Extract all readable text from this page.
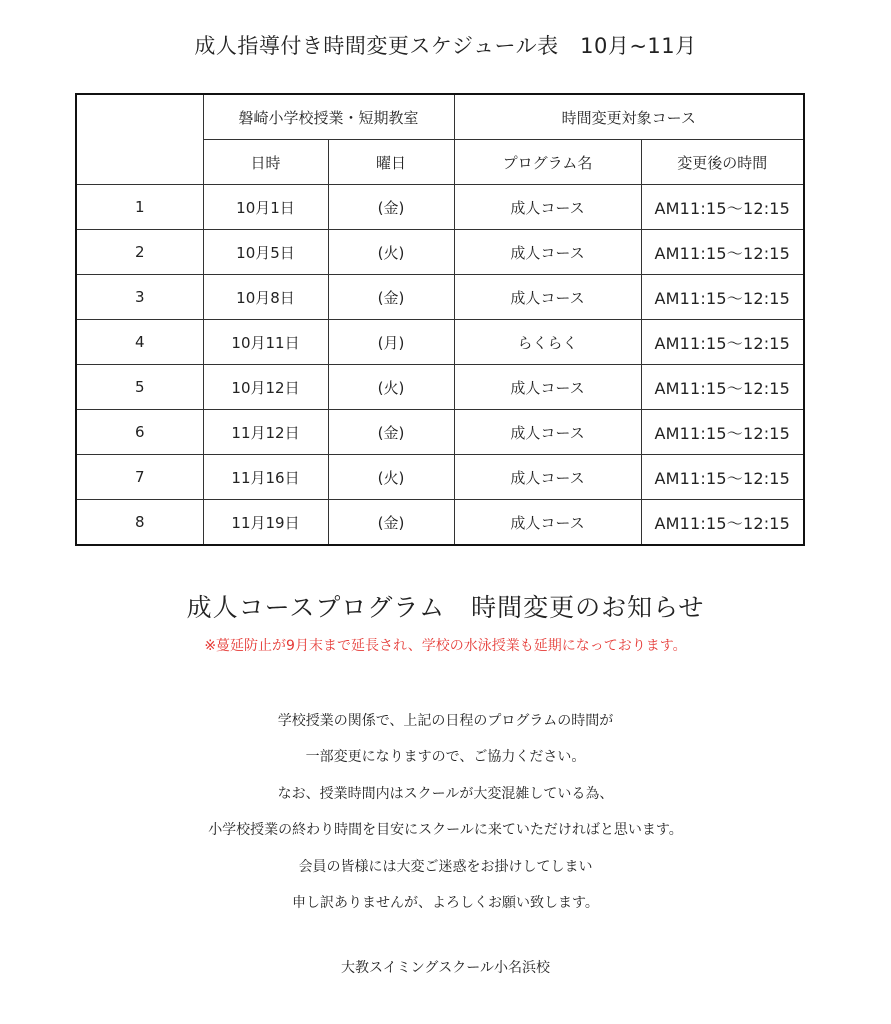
成人指導付き時間変更スケジュール表　10月~11月
	磐崎小学校授業・短期教室		時間変更対象コース	
	日時	曜日	プログラム名	変更後の時間
1	10月1日	(金)	成人コース	AM11:15〜12:15
2	10月5日	(火)	成人コース	AM11:15〜12:15
3	10月8日	(金)	成人コース	AM11:15〜12:15
4	10月11日	(月)	らくらく	AM11:15〜12:15
5	10月12日	(火)	成人コース	AM11:15〜12:15
6	11月12日	(金)	成人コース	AM11:15〜12:15
7	11月16日	(火)	成人コース	AM11:15〜12:15
8	11月19日	(金)	成人コース	AM11:15〜12:15
成人コースプログラム　時間変更のお知らせ
※蔓延防止が9月末まで延長され、学校の水泳授業も延期になっております。
学校授業の関係で、上記の日程のプログラムの時間が
一部変更になりますので、ご協力ください。
なお、授業時間内はスクールが大変混雑している為、
小学校授業の終わり時間を目安にスクールに来ていただければと思います。
会員の皆様には大変ご迷惑をお掛けしてしまい
申し訳ありませんが、よろしくお願い致します。
大教スイミングスクール小名浜校
